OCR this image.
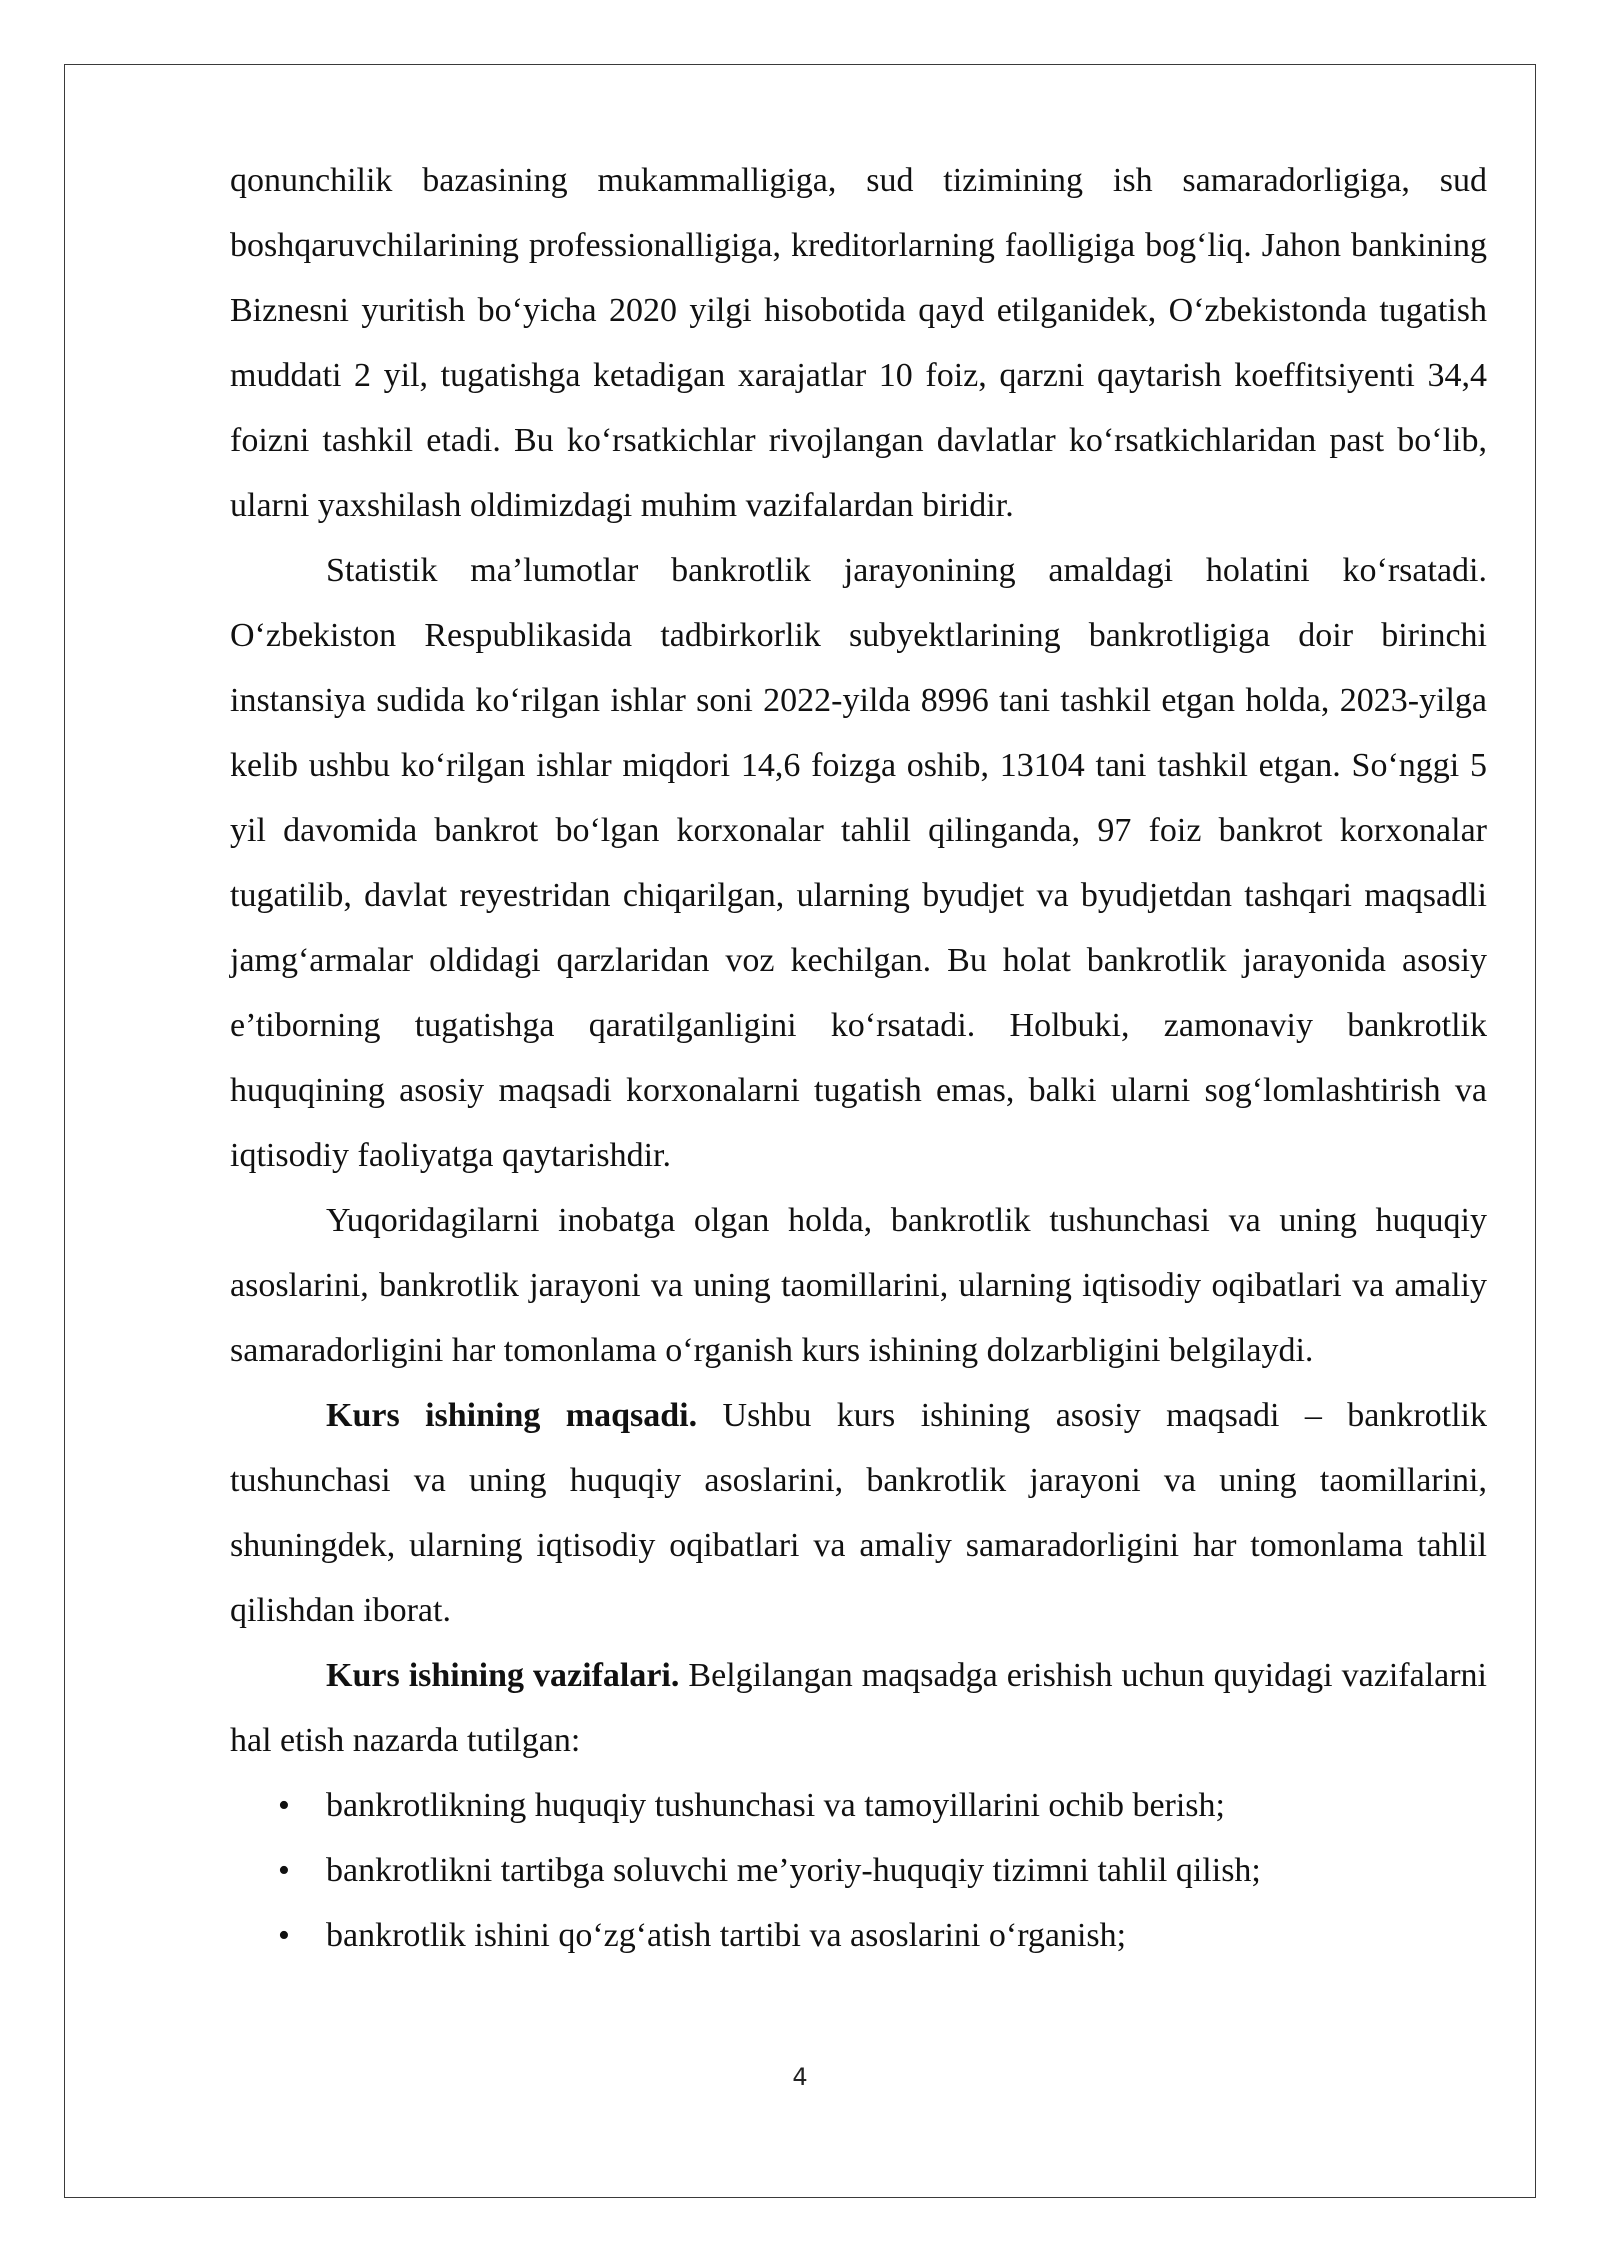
qonunchilik bazasining mukammalligiga, sud tizimining ish samaradorligiga, sud boshqaruvchilarining professionalligiga, kreditorlarning faolligiga bog‘liq. Jahon bankining Biznesni yuritish bo‘yicha 2020 yilgi hisobotida qayd etilganidek, O‘zbekistonda tugatish muddati 2 yil, tugatishga ketadigan xarajatlar 10 foiz, qarzni qaytarish koeffitsiyenti 34,4 foizni tashkil etadi. Bu ko‘rsatkichlar rivojlangan davlatlar ko‘rsatkichlaridan past bo‘lib, ularni yaxshilash oldimizdagi muhim vazifalardan biridir.

Statistik ma’lumotlar bankrotlik jarayonining amaldagi holatini ko‘rsatadi. O‘zbekiston Respublikasida tadbirkorlik subyektlarining bankrotligiga doir birinchi instansiya sudida ko‘rilgan ishlar soni 2022-yilda 8996 tani tashkil etgan holda, 2023-yilga kelib ushbu ko‘rilgan ishlar miqdori 14,6 foizga oshib, 13104 tani tashkil etgan. So‘nggi 5 yil davomida bankrot bo‘lgan korxonalar tahlil qilinganda, 97 foiz bankrot korxonalar tugatilib, davlat reyestridan chiqarilgan, ularning byudjet va byudjetdan tashqari maqsadli jamg‘armalar oldidagi qarzlaridan voz kechilgan. Bu holat bankrotlik jarayonida asosiy e’tiborning tugatishga qaratilganligini ko‘rsatadi. Holbuki, zamonaviy bankrotlik huquqining asosiy maqsadi korxonalarni tugatish emas, balki ularni sog‘lomlashtirish va iqtisodiy faoliyatga qaytarishdir.

Yuqoridagilarni inobatga olgan holda, bankrotlik tushunchasi va uning huquqiy asoslarini, bankrotlik jarayoni va uning taomillarini, ularning iqtisodiy oqibatlari va amaliy samaradorligini har tomonlama o‘rganish kurs ishining dolzarbligini belgilaydi.

Kurs ishining maqsadi. Ushbu kurs ishining asosiy maqsadi – bankrotlik tushunchasi va uning huquqiy asoslarini, bankrotlik jarayoni va uning taomillarini, shuningdek, ularning iqtisodiy oqibatlari va amaliy samaradorligini har tomonlama tahlil qilishdan iborat.

Kurs ishining vazifalari. Belgilangan maqsadga erishish uchun quyidagi vazifalarni hal etish nazarda tutilgan:

• bankrotlikning huquqiy tushunchasi va tamoyillarini ochib berish;
• bankrotlikni tartibga soluvchi me’yoriy-huquqiy tizimni tahlil qilish;
• bankrotlik ishini qo‘zg‘atish tartibi va asoslarini o‘rganish;
4
